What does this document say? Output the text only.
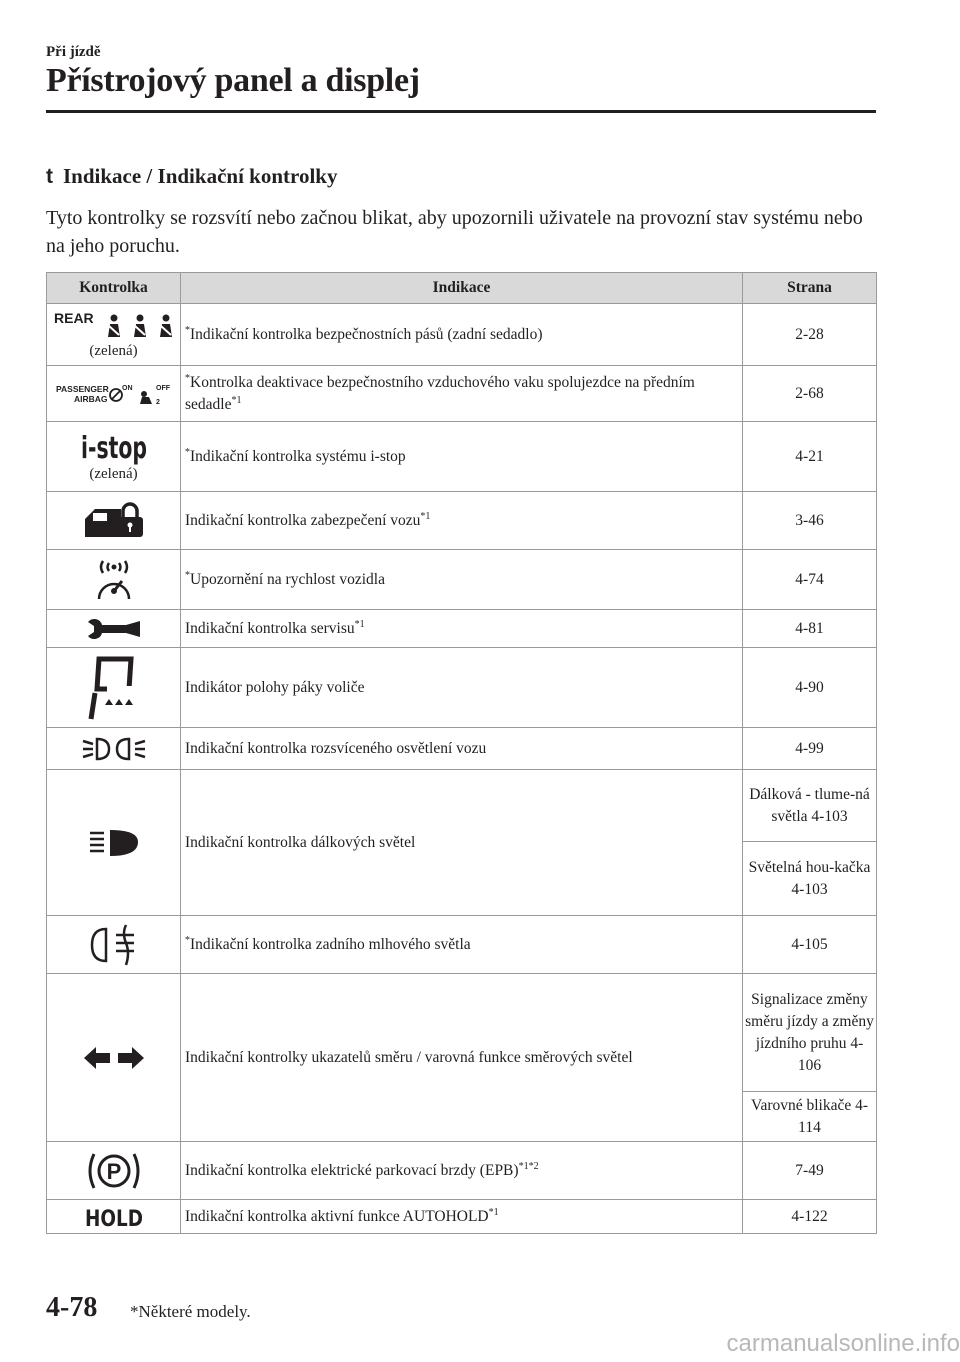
Při jízdě
Přístrojový panel a displej
t Indikace / Indikační kontrolky
Tyto kontrolky se rozsvítí nebo začnou blikat, aby upozornili uživatele na provozní stav systému nebo na jeho poruchu.
Kontrolka	Indikace	Strana

REAR
(zelená)	*Indikační kontrolka bezpečnostních pásů (zadní sedadlo)	2-28

PASSENGER
AIRBAG
ON OFF
2	*Kontrolka deaktivace bezpečnostního vzduchového vaku spolujezdce na předním sedadle$^{*1}$	2-68

i-stop
(zelená)	*Indikační kontrolka systému i-stop	4-21
	Indikační kontrolka zabezpečení vozu$^{*1}$	3-46
	*Upozornění na rychlost vozidla	4-74
	Indikační kontrolka servisu$^{*1}$	4-81
	Indikátor polohy páky voliče	4-90
	Indikační kontrolka rozsvíceného osvětlení vozu	4-99
	Indikační kontrolka dálkových světel	Dálková - tlume-ná světla 4-103
		Světelná hou-kačka 4-103
	*Indikační kontrolka zadního mlhového světla	4-105
	Indikační kontrolky ukazatelů směru / varovná funkce směrových světel	Signalizace změny směru jízdy a změny jízdního pruhu 4-106
		Varovné blikače 4-114

P	Indikační kontrolka elektrické parkovací brzdy (EPB)$^{*1*2}$	7-49

HOLD	Indikační kontrolka aktivní funkce AUTOHOLD$^{*1}$	4-122
4-78 *Některé modely.
carmanualsonline.info
